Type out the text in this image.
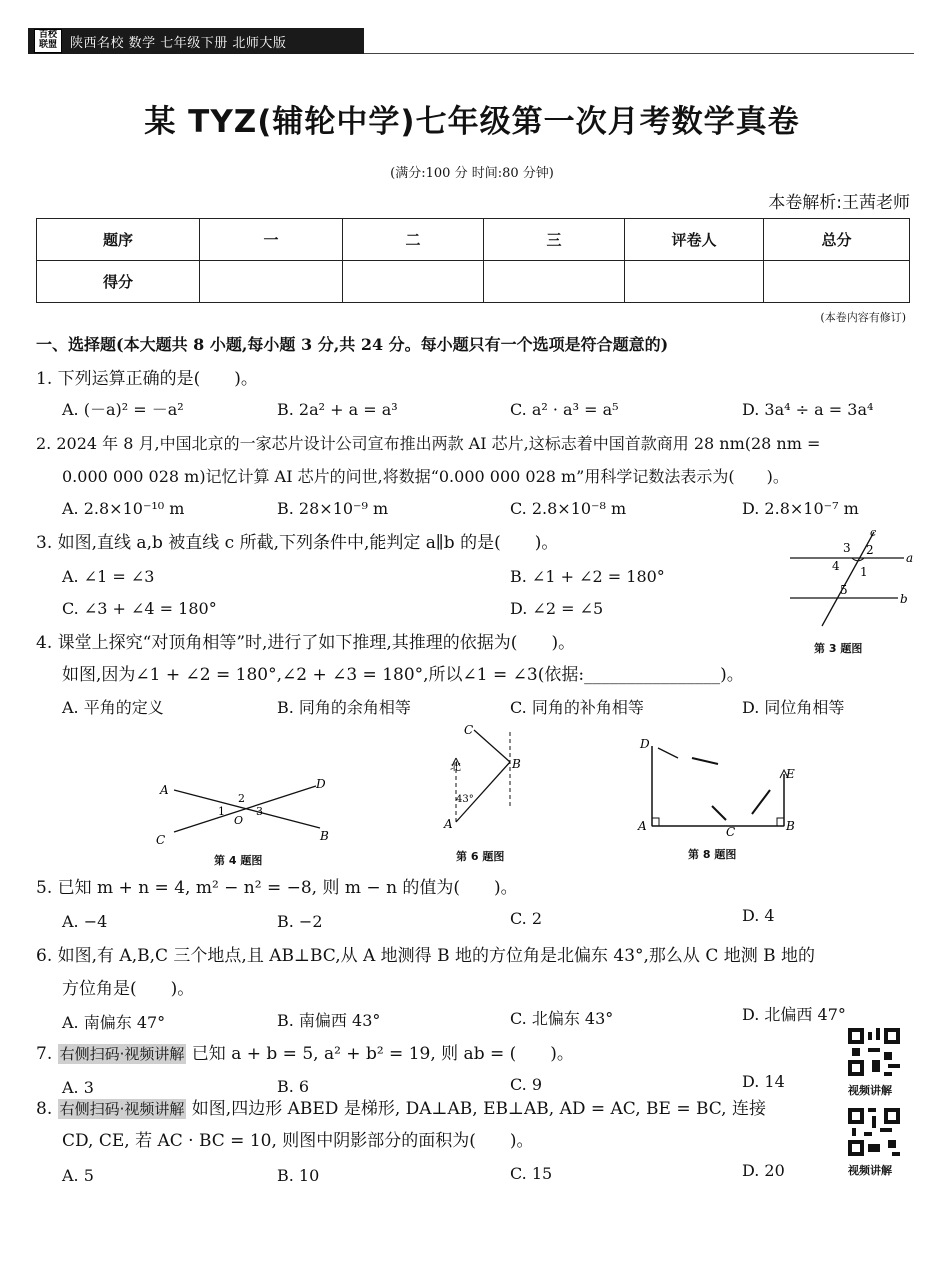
百校联盟	陕西名校 数学 七年级下册 北师大版
某 TYZ(辅轮中学)七年级第一次月考数学真卷
(满分:100 分 时间:80 分钟)
本卷解析:王茜老师
题序	一	二	三	评卷人	总分
得分					
(本卷内容有修订)
一、选择题(本大题共 8 小题,每小题 3 分,共 24 分。每小题只有一个选项是符合题意的)
1. 下列运算正确的是(　　)。
A. (－a)² = －a²	B. 2a² + a = a³	C. a² · a³ = a⁵	D. 3a⁴ ÷ a = 3a⁴
2. 2024 年 8 月,中国北京的一家芯片设计公司宣布推出两款 AI 芯片,这标志着中国首款商用 28 nm(28 nm =
0.000 000 028 m)记忆计算 AI 芯片的问世,将数据“0.000 000 028 m”用科学记数法表示为(　　)。
A. 2.8×10⁻¹⁰ m	B. 28×10⁻⁹ m	C. 2.8×10⁻⁸ m	D. 2.8×10⁻⁷ m
3. 如图,直线 a,b 被直线 c 所截,下列条件中,能判定 a∥b 的是(　　)。
A. ∠1 = ∠3	B. ∠1 + ∠2 = 180°
C. ∠3 + ∠4 = 180°	D. ∠2 = ∠5
3 2
4 1
5
c
a
b
第 3 题图
4. 课堂上探究“对顶角相等”时,进行了如下推理,其推理的依据为(　　)。
如图,因为∠1 + ∠2 = 180°,∠2 + ∠3 = 180°,所以∠1 = ∠3(依据:________________)。
A. 平角的定义	B. 同角的余角相等	C. 同角的补角相等	D. 同位角相等
A
C
D
B
2
1	3
O
第 4 题图
北
43°
A
B
C
第 6 题图
D
A	C	B
E
第 8 题图
5. 已知 m + n = 4, m² − n² = −8, 则 m − n 的值为(　　)。
A. −4	B. −2	C. 2	D. 4
6. 如图,有 A,B,C 三个地点,且 AB⊥BC,从 A 地测得 B 地的方位角是北偏东 43°,那么从 C 地测 B 地的
方位角是(　　)。
A. 南偏东 47°	B. 南偏西 43°	C. 北偏东 43°	D. 北偏西 47°
7. 右侧扫码·视频讲解 已知 a + b = 5, a² + b² = 19, 则 ab = (　　)。
A. 3	B. 6	C. 9	D. 14
8. 右侧扫码·视频讲解 如图,四边形 ABED 是梯形, DA⊥AB, EB⊥AB, AD = AC, BE = BC, 连接
CD, CE, 若 AC · BC = 10, 则图中阴影部分的面积为(　　)。
A. 5	B. 10	C. 15	D. 20
视频讲解
视频讲解
